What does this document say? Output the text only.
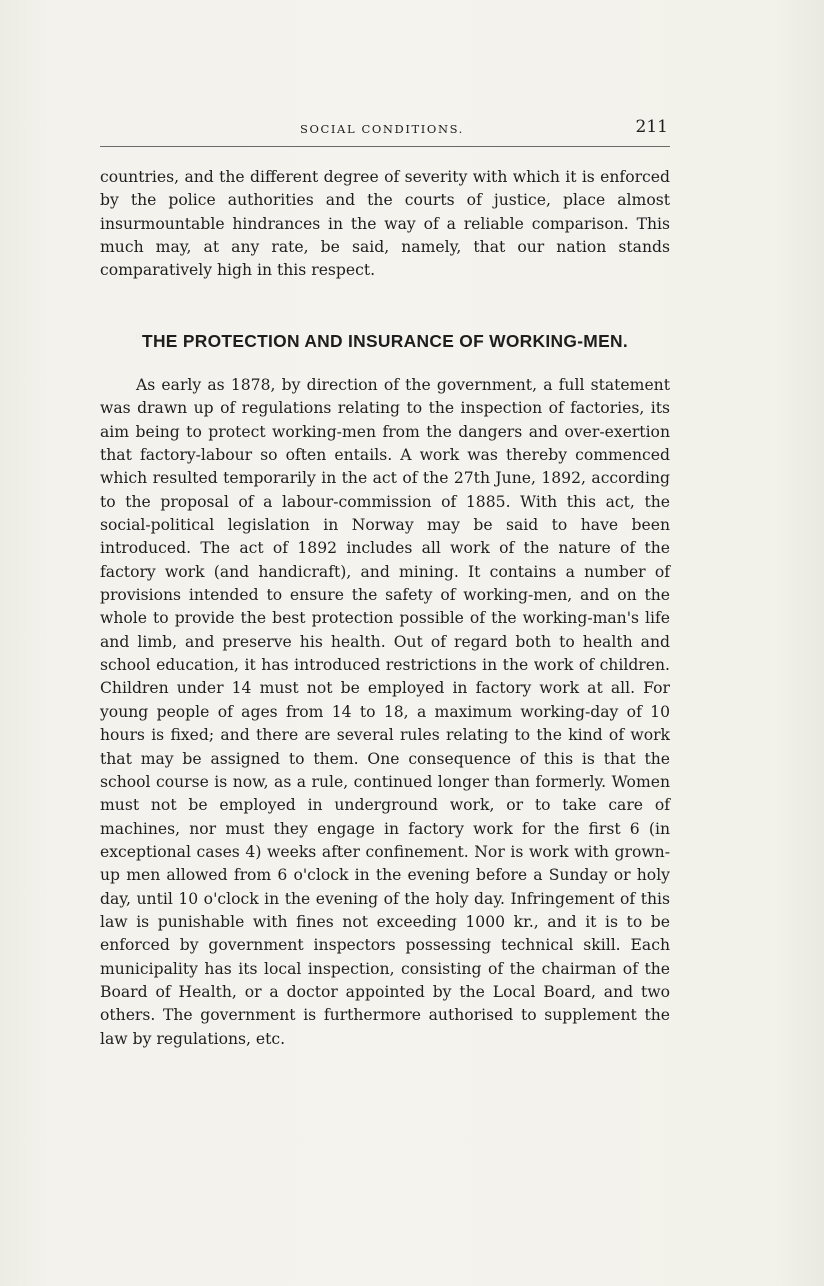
SOCIAL CONDITIONS.	211

countries, and the different degree of severity with which it is enforced by the police authorities and the courts of justice, place almost insurmountable hindrances in the way of a reliable comparison. This much may, at any rate, be said, namely, that our nation stands comparatively high in this respect.

THE PROTECTION AND INSURANCE OF WORKING-MEN.

As early as 1878, by direction of the government, a full statement was drawn up of regulations relating to the inspection of factories, its aim being to protect working-men from the dangers and over-exertion that factory-labour so often entails. A work was thereby commenced which resulted temporarily in the act of the 27th June, 1892, according to the proposal of a labour-commission of 1885. With this act, the social-political legislation in Norway may be said to have been introduced. The act of 1892 includes all work of the nature of the factory work (and handicraft), and mining. It contains a number of provisions intended to ensure the safety of working-men, and on the whole to provide the best protection possible of the working-man's life and limb, and preserve his health. Out of regard both to health and school education, it has introduced restrictions in the work of children. Children under 14 must not be employed in factory work at all. For young people of ages from 14 to 18, a maximum working-day of 10 hours is fixed; and there are several rules relating to the kind of work that may be assigned to them. One consequence of this is that the school course is now, as a rule, continued longer than formerly. Women must not be employed in underground work, or to take care of machines, nor must they engage in factory work for the first 6 (in exceptional cases 4) weeks after confinement. Nor is work with grown-up men allowed from 6 o'clock in the evening before a Sunday or holy day, until 10 o'clock in the evening of the holy day. Infringement of this law is punishable with fines not exceeding 1000 kr., and it is to be enforced by government inspectors possessing technical skill. Each municipality has its local inspection, consisting of the chairman of the Board of Health, or a doctor appointed by the Local Board, and two others. The government is furthermore authorised to supplement the law by regulations, etc.
